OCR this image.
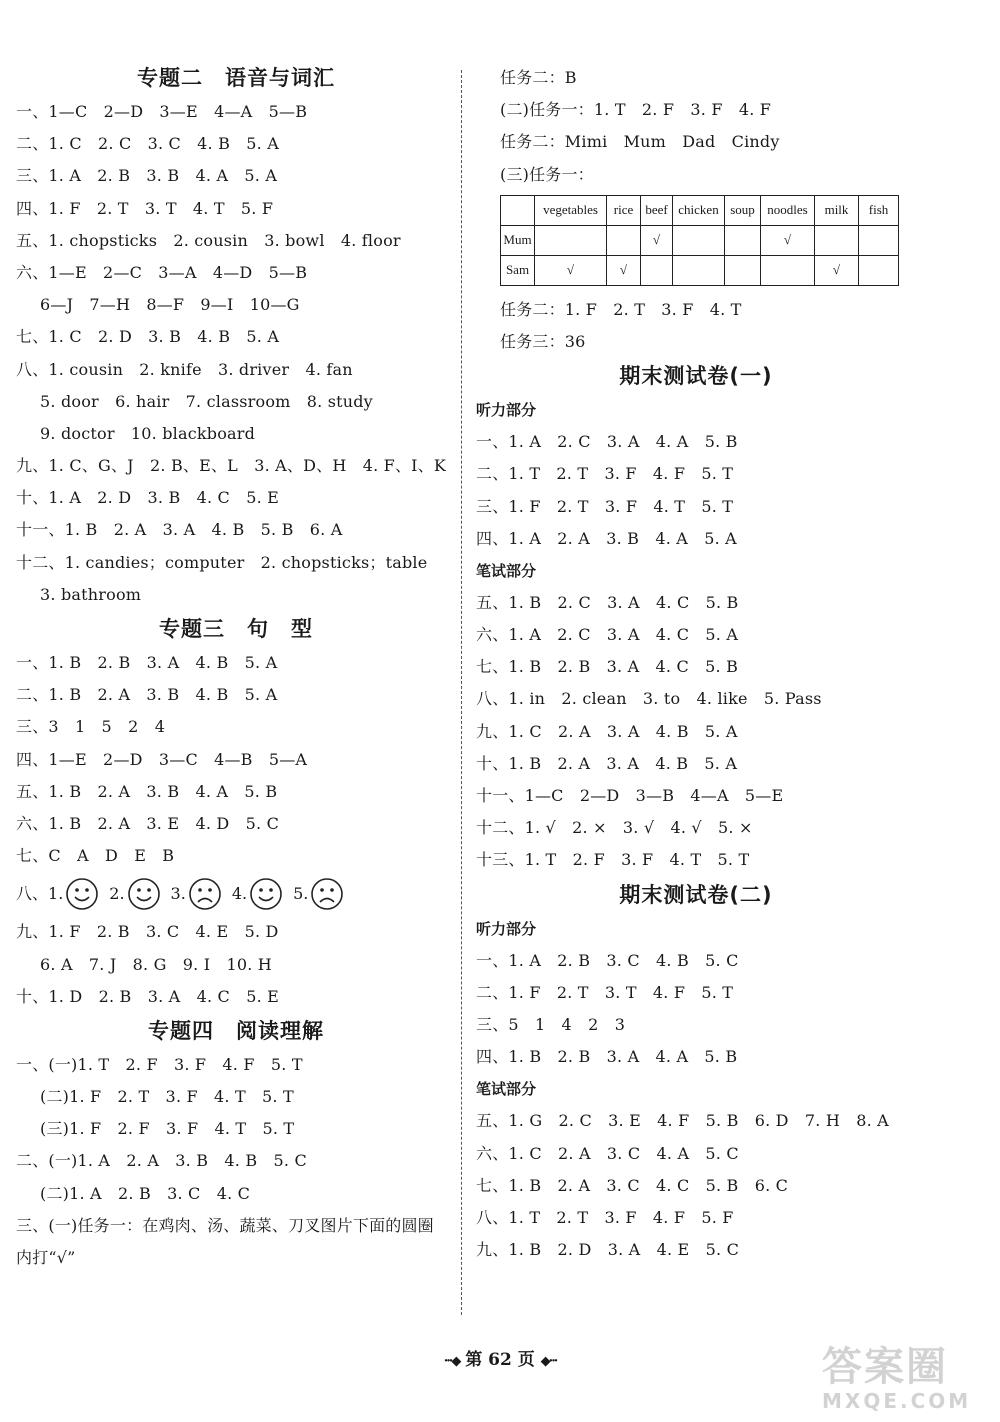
专题二　语音与词汇
一、1—C　2—D　3—E　4—A　5—B
二、1. C　2. C　3. C　4. B　5. A
三、1. A　2. B　3. B　4. A　5. A
四、1. F　2. T　3. T　4. T　5. F
五、1. chopsticks　2. cousin　3. bowl　4. floor
六、1—E　2—C　3—A　4—D　5—B
6—J　7—H　8—F　9—I　10—G
七、1. C　2. D　3. B　4. B　5. A
八、1. cousin　2. knife　3. driver　4. fan
5. door　6. hair　7. classroom　8. study
9. doctor　10. blackboard
九、1. C、G、J　2. B、E、L　3. A、D、H　4. F、I、K
十、1. A　2. D　3. B　4. C　5. E
十一、1. B　2. A　3. A　4. B　5. B　6. A
十二、1. candies；computer　2. chopsticks；table
3. bathroom
专题三　句　型
一、1. B　2. B　3. A　4. B　5. A
二、1. B　2. A　3. B　4. B　5. A
三、3　1　5　2　4
四、1—E　2—D　3—C　4—B　5—A
五、1. B　2. A　3. B　4. A　5. B
六、1. B　2. A　3. E　4. D　5. C
七、C　A　D　E　B
八、 1.	2.	3.	4.	5.
九、1. F　2. B　3. C　4. E　5. D
6. A　7. J　8. G　9. I　10. H
十、1. D　2. B　3. A　4. C　5. E
专题四　阅读理解
一、(一)1. T　2. F　3. F　4. F　5. T
(二)1. F　2. T　3. F　4. T　5. T
(三)1. F　2. F　3. F　4. T　5. T
二、(一)1. A　2. A　3. B　4. B　5. C
(二)1. A　2. B　3. C　4. C
三、(一)任务一：在鸡肉、汤、蔬菜、刀叉图片下面的圆圈
内打“√”
任务二：B
(二)任务一：1. T　2. F　3. F　4. F
任务二：Mimi　Mum　Dad　Cindy
(三)任务一：
	vegetables	rice	beef	chicken	soup	noodles	milk	fish
Mum			√			√		
Sam	√	√					√	
任务二：1. F　2. T　3. F　4. T
任务三：36
期末测试卷(一)
听力部分
一、1. A　2. C　3. A　4. A　5. B
二、1. T　2. T　3. F　4. F　5. T
三、1. F　2. T　3. F　4. T　5. T
四、1. A　2. A　3. B　4. A　5. A
笔试部分
五、1. B　2. C　3. A　4. C　5. B
六、1. A　2. C　3. A　4. C　5. A
七、1. B　2. B　3. A　4. C　5. B
八、1. in　2. clean　3. to　4. like　5. Pass
九、1. C　2. A　3. A　4. B　5. A
十、1. B　2. A　3. A　4. B　5. A
十一、1—C　2—D　3—B　4—A　5—E
十二、1. √　2. ×　3. √　4. √　5. ×
十三、1. T　2. F　3. F　4. T　5. T
期末测试卷(二)
听力部分
一、1. A　2. B　3. C　4. B　5. C
二、1. F　2. T　3. T　4. F　5. T
三、5　1　4　2　3
四、1. B　2. B　3. A　4. A　5. B
笔试部分
五、1. G　2. C　3. E　4. F　5. B　6. D　7. H　8. A
六、1. C　2. A　3. C　4. A　5. C
七、1. B　2. A　3. C　4. C　5. B　6. C
八、1. T　2. T　3. F　4. F　5. F
九、1. B　2. D　3. A　4. E　5. C
···◆ 第 62 页 ◆···	答案圈
MXQE.COM
